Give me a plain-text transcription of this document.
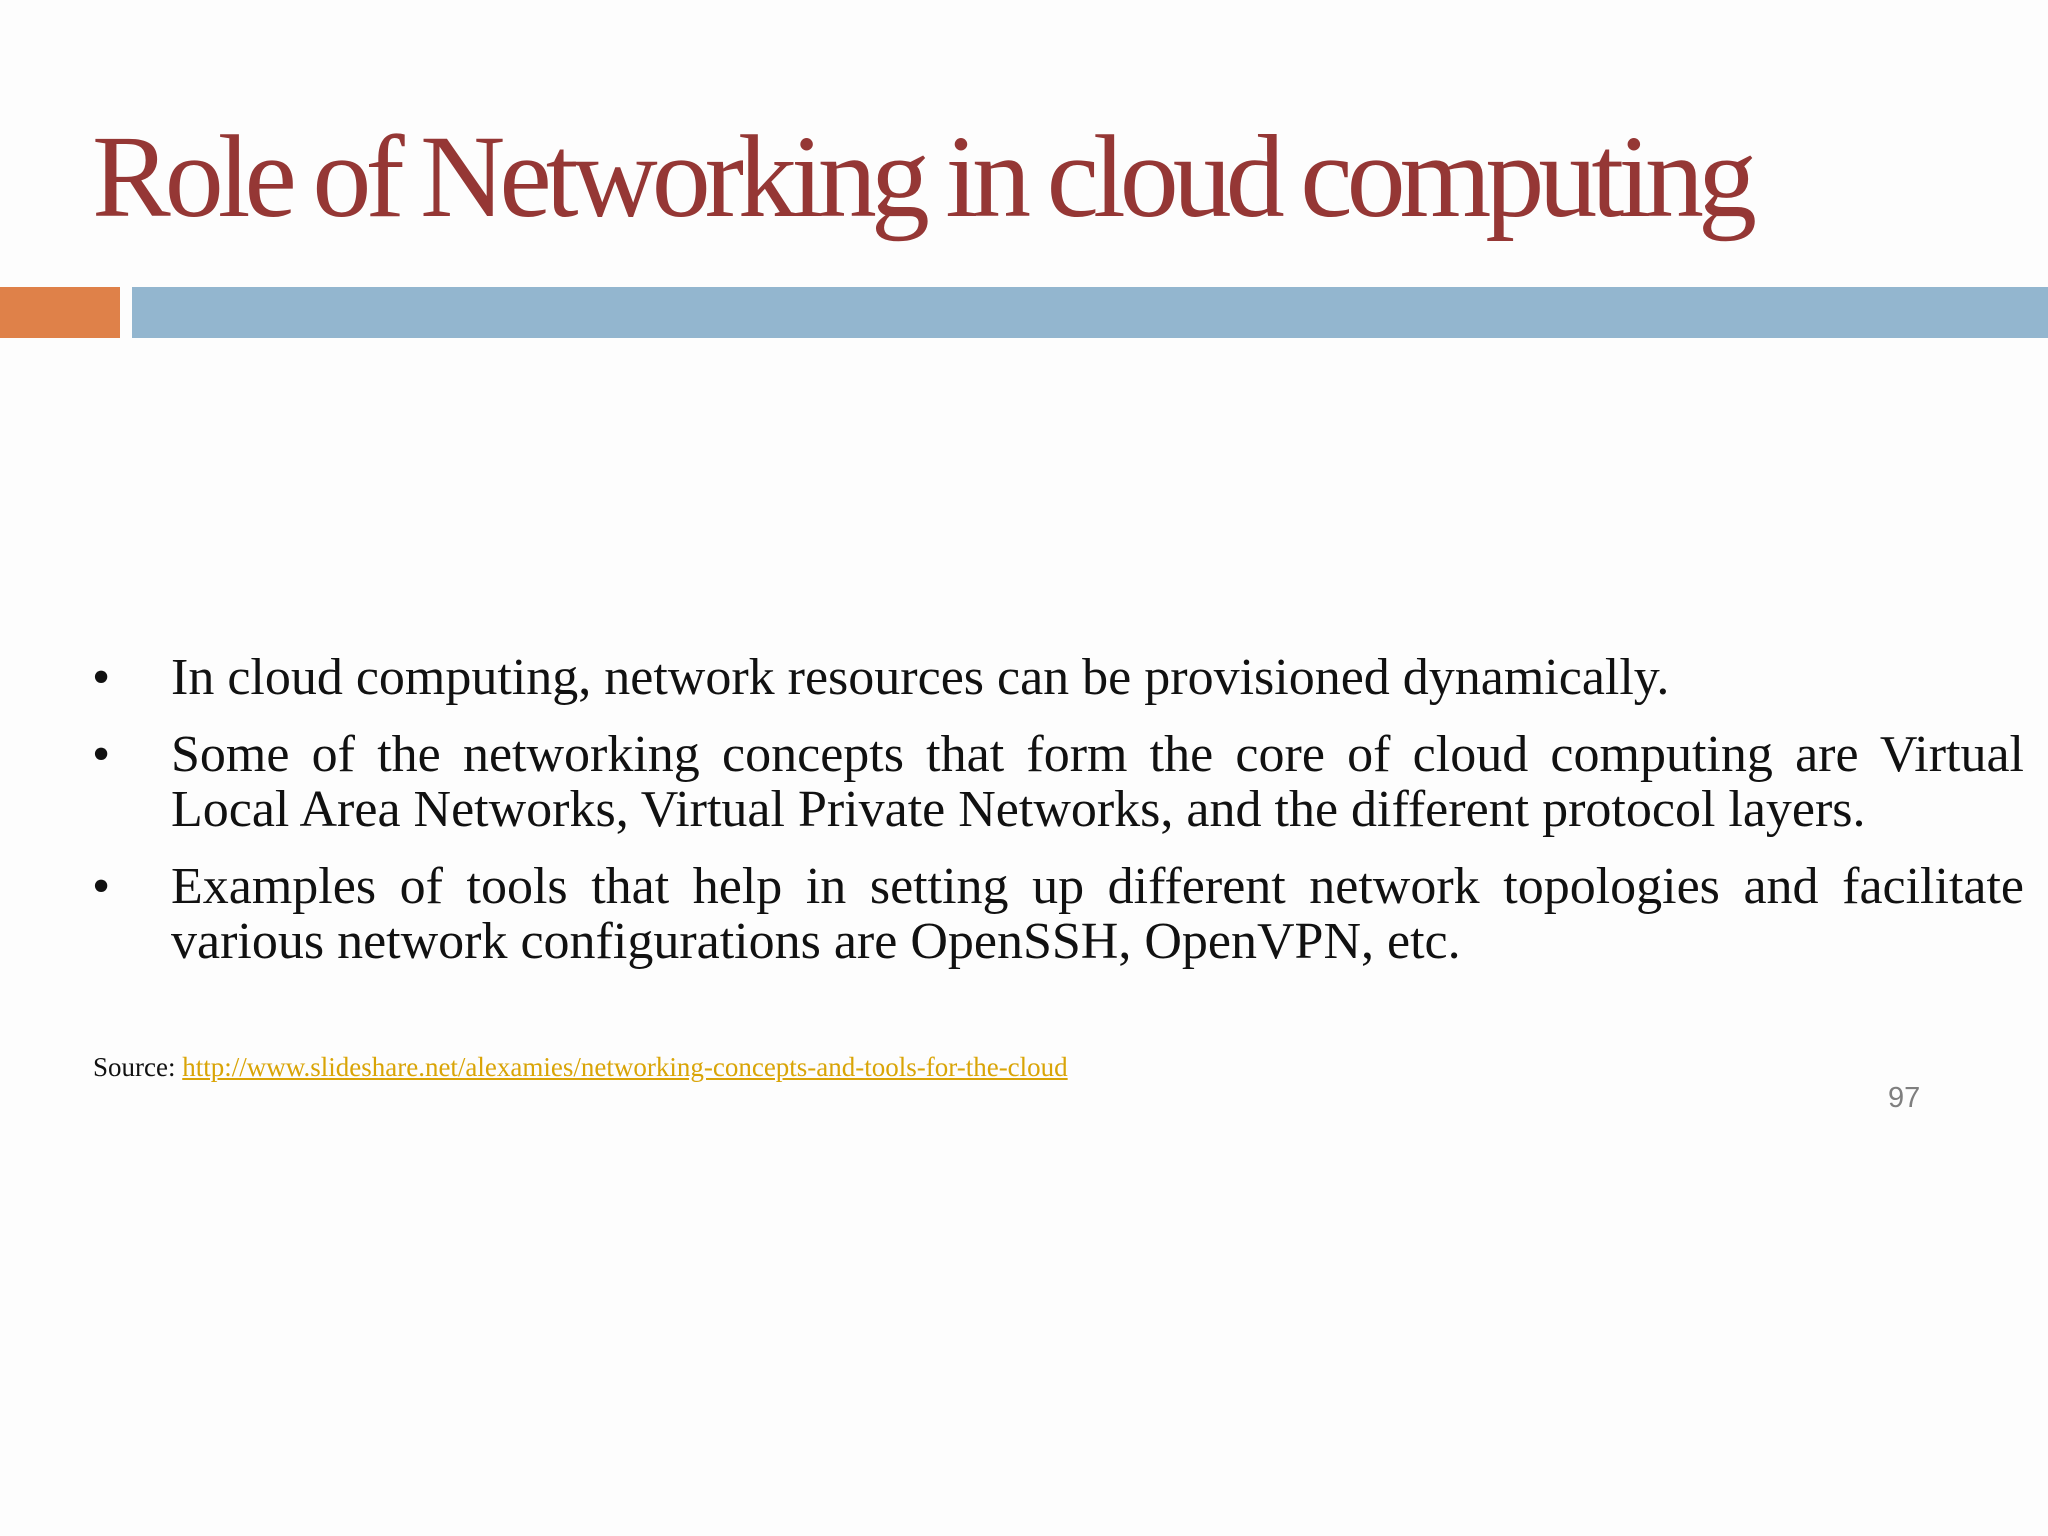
Role of Networking in cloud computing
• In cloud computing, network resources can be provisioned dynamically.
• Some of the networking concepts that form the core of cloud computing are Virtual Local Area Networks, Virtual Private Networks, and the different protocol layers.
• Examples of tools that help in setting up different network topologies and facilitate various network configurations are OpenSSH, OpenVPN, etc.
Source: http://www.slideshare.net/alexamies/networking-concepts-and-tools-for-the-cloud
97
